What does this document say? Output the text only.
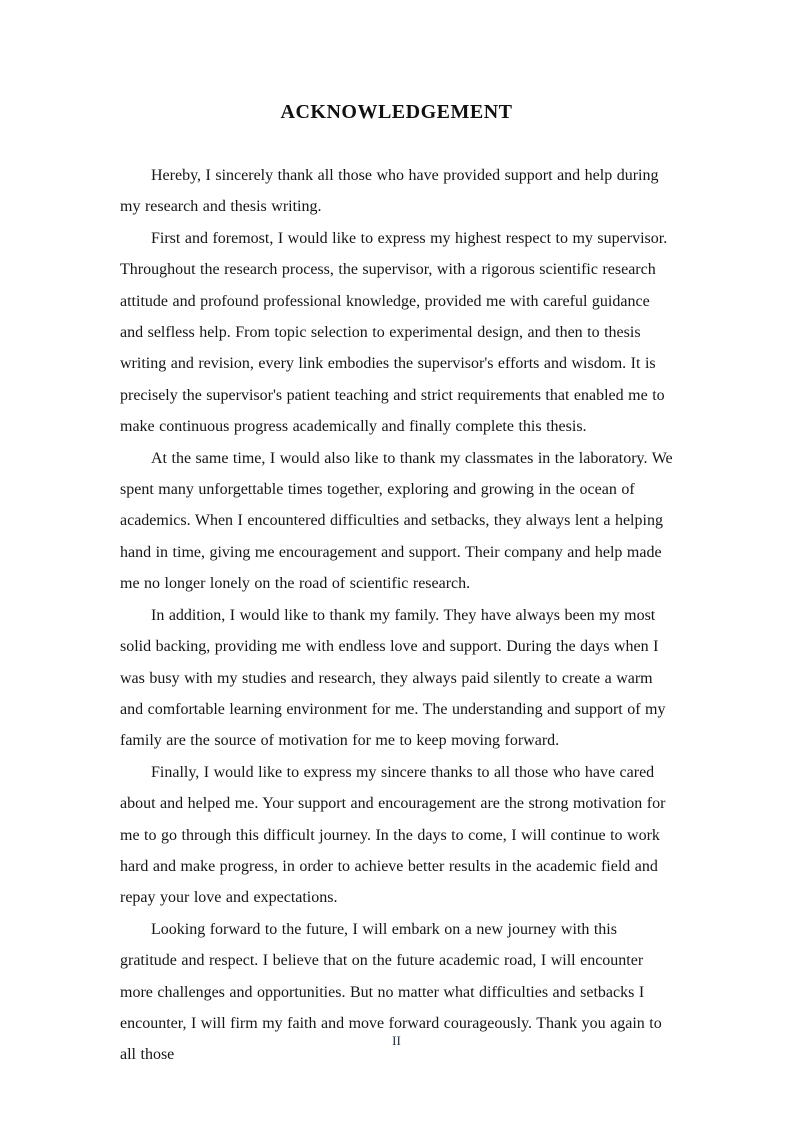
ACKNOWLEDGEMENT

Hereby, I sincerely thank all those who have provided support and help during my research and thesis writing.

First and foremost, I would like to express my highest respect to my supervisor. Throughout the research process, the supervisor, with a rigorous scientific research attitude and profound professional knowledge, provided me with careful guidance and selfless help. From topic selection to experimental design, and then to thesis writing and revision, every link embodies the supervisor's efforts and wisdom. It is precisely the supervisor's patient teaching and strict requirements that enabled me to make continuous progress academically and finally complete this thesis.

At the same time, I would also like to thank my classmates in the laboratory. We spent many unforgettable times together, exploring and growing in the ocean of academics. When I encountered difficulties and setbacks, they always lent a helping hand in time, giving me encouragement and support. Their company and help made me no longer lonely on the road of scientific research.

In addition, I would like to thank my family. They have always been my most solid backing, providing me with endless love and support. During the days when I was busy with my studies and research, they always paid silently to create a warm and comfortable learning environment for me. The understanding and support of my family are the source of motivation for me to keep moving forward.

Finally, I would like to express my sincere thanks to all those who have cared about and helped me. Your support and encouragement are the strong motivation for me to go through this difficult journey. In the days to come, I will continue to work hard and make progress, in order to achieve better results in the academic field and repay your love and expectations.

Looking forward to the future, I will embark on a new journey with this gratitude and respect. I believe that on the future academic road, I will encounter more challenges and opportunities. But no matter what difficulties and setbacks I encounter, I will firm my faith and move forward courageously. Thank you again to all those

II
